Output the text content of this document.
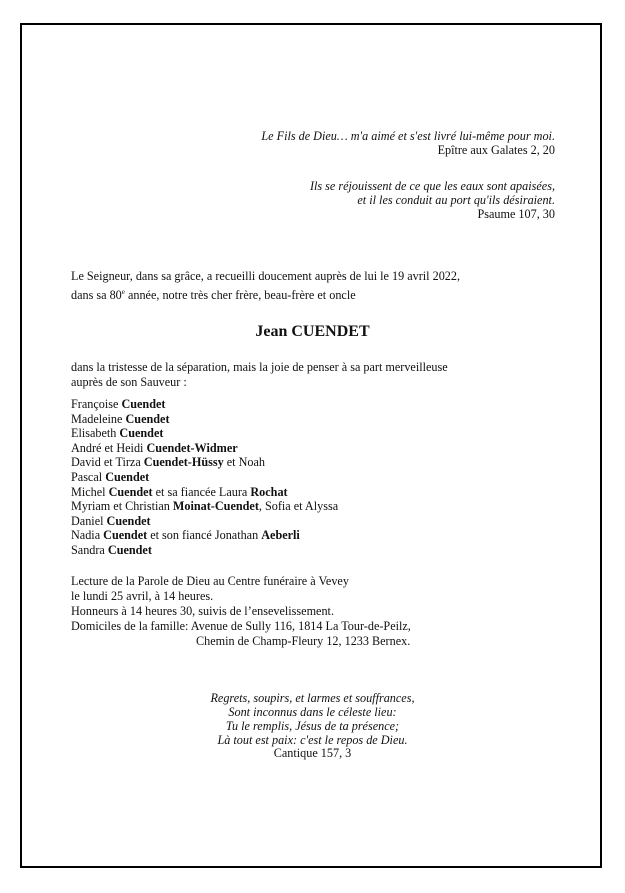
Le Fils de Dieu… m'a aimé et s'est livré lui-même pour moi.
Epître aux Galates 2, 20
Ils se réjouissent de ce que les eaux sont apaisées,
et il les conduit au port qu'ils désiraient.
Psaume 107, 30
Le Seigneur, dans sa grâce, a recueilli doucement auprès de lui le 19 avril 2022,
dans sa 80e année, notre très cher frère, beau-frère et oncle
Jean CUENDET
dans la tristesse de la séparation, mais la joie de penser à sa part merveilleuse
auprès de son Sauveur :
Françoise Cuendet
Madeleine Cuendet
Elisabeth Cuendet
André et Heidi Cuendet-Widmer
David et Tirza Cuendet-Hüssy et Noah
Pascal Cuendet
Michel Cuendet et sa fiancée Laura Rochat
Myriam et Christian Moinat-Cuendet, Sofia et Alyssa
Daniel Cuendet
Nadia Cuendet et son fiancé Jonathan Aeberli
Sandra Cuendet
Lecture de la Parole de Dieu au Centre funéraire à Vevey
le lundi 25 avril, à 14 heures.
Honneurs à 14 heures 30, suivis de l’ensevelissement.
Domiciles de la famille: Avenue de Sully 116, 1814 La Tour-de-Peilz,
Chemin de Champ-Fleury 12, 1233 Bernex.
Regrets, soupirs, et larmes et souffrances,
Sont inconnus dans le céleste lieu:
Tu le remplis, Jésus de ta présence;
Là tout est paix: c'est le repos de Dieu.
Cantique 157, 3
